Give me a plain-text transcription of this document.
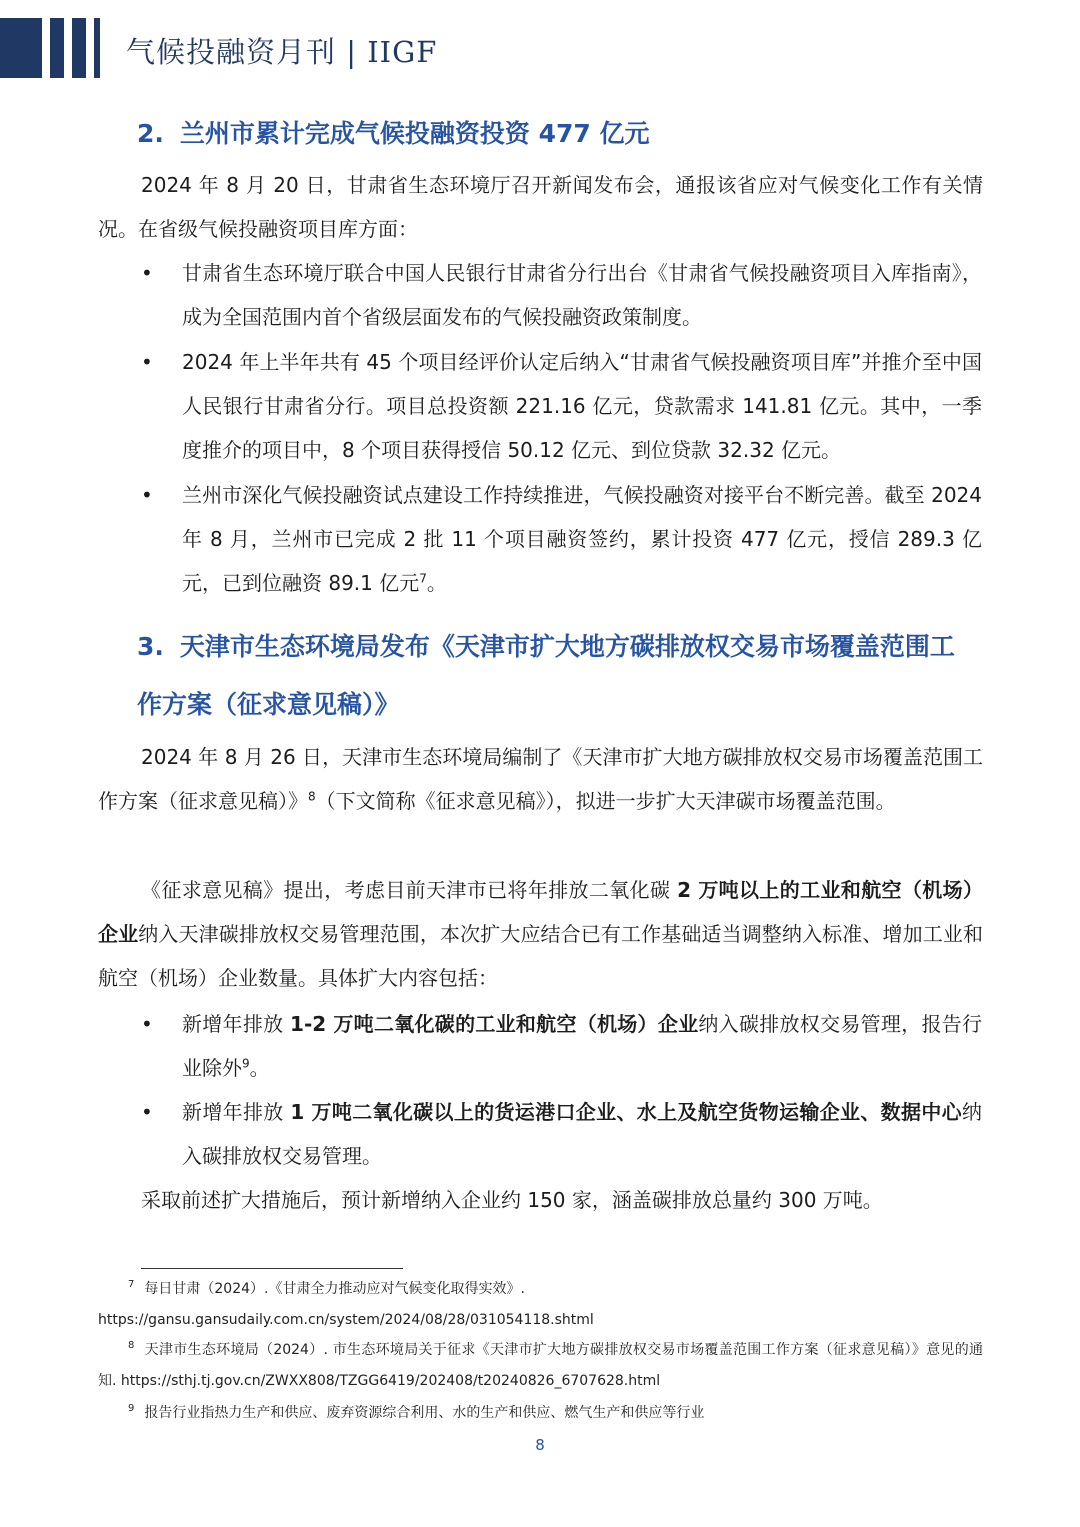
气候投融资月刊 | IIGF
2. 兰州市累计完成气候投融资投资 477 亿元
2024 年 8 月 20 日，甘肃省生态环境厅召开新闻发布会，通报该省应对气候变化工作有关情况。在省级气候投融资项目库方面：
• 甘肃省生态环境厅联合中国人民银行甘肃省分行出台《甘肃省气候投融资项目入库指南》，成为全国范围内首个省级层面发布的气候投融资政策制度。
• 2024 年上半年共有 45 个项目经评价认定后纳入“甘肃省气候投融资项目库”并推介至中国人民银行甘肃省分行。项目总投资额 221.16 亿元，贷款需求 141.81 亿元。其中，一季度推介的项目中，8 个项目获得授信 50.12 亿元、到位贷款 32.32 亿元。
• 兰州市深化气候投融资试点建设工作持续推进，气候投融资对接平台不断完善。截至 2024 年 8 月，兰州市已完成 2 批 11 个项目融资签约，累计投资 477 亿元，授信 289.3 亿元，已到位融资 89.1 亿元$^7$。
3. 天津市生态环境局发布《天津市扩大地方碳排放权交易市场覆盖范围工
作方案（征求意见稿）》
2024 年 8 月 26 日，天津市生态环境局编制了《天津市扩大地方碳排放权交易市场覆盖范围工作方案（征求意见稿）》$^8$（下文简称《征求意见稿》），拟进一步扩大天津碳市场覆盖范围。
《征求意见稿》提出，考虑目前天津市已将年排放二氧化碳 2 万吨以上的工业和航空（机场）企业纳入天津碳排放权交易管理范围，本次扩大应结合已有工作基础适当调整纳入标准、增加工业和航空（机场）企业数量。具体扩大内容包括：
• 新增年排放 1-2 万吨二氧化碳的工业和航空（机场）企业纳入碳排放权交易管理，报告行业除外$^9$。
• 新增年排放 1 万吨二氧化碳以上的货运港口企业、水上及航空货物运输企业、数据中心纳入碳排放权交易管理。
采取前述扩大措施后，预计新增纳入企业约 150 家，涵盖碳排放总量约 300 万吨。
$^7$ 每日甘肃（2024）.《甘肃全力推动应对气候变化取得实效》.

https://gansu.gansudaily.com.cn/system/2024/08/28/031054118.shtml
$^8$ 天津市生态环境局（2024）. 市生态环境局关于征求《天津市扩大地方碳排放权交易市场覆盖范围工作方案（征求意见稿）》意见的通知. https://sthj.tj.gov.cn/ZWXX808/TZGG6419/202408/t20240826_6707628.html
$^9$ 报告行业指热力生产和供应、废弃资源综合利用、水的生产和供应、燃气生产和供应等行业
8
